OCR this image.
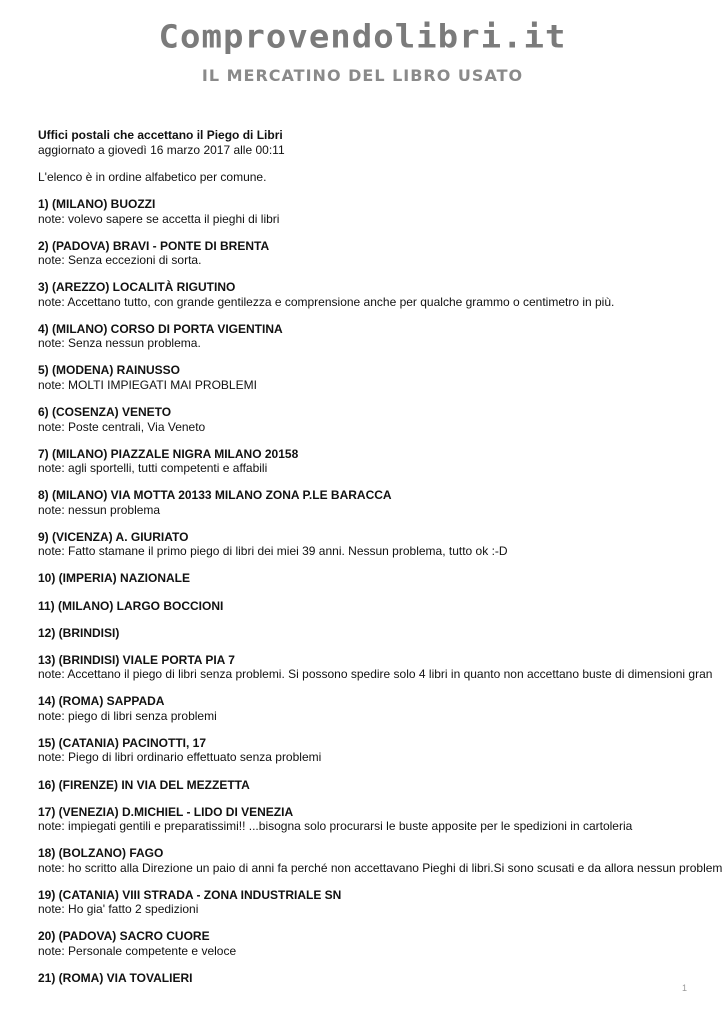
Comprovendolibri.it
IL MERCATINO DEL LIBRO USATO
Uffici postali che accettano il Piego di Libri
aggiornato a giovedì 16 marzo 2017 alle 00:11
L'elenco è in ordine alfabetico per comune.
1) (MILANO) BUOZZI
note: volevo sapere se accetta il pieghi di libri
2) (PADOVA) BRAVI - PONTE DI BRENTA
note: Senza eccezioni di sorta.
3) (AREZZO) LOCALITÀ RIGUTINO
note: Accettano tutto, con grande gentilezza e comprensione anche per qualche grammo o centimetro in più.
4) (MILANO) CORSO DI PORTA VIGENTINA
note: Senza nessun problema.
5) (MODENA) RAINUSSO
note: MOLTI IMPIEGATI MAI PROBLEMI
6) (COSENZA) VENETO
note: Poste centrali, Via Veneto
7) (MILANO) PIAZZALE NIGRA MILANO 20158
note: agli sportelli, tutti competenti e affabili
8) (MILANO) VIA MOTTA 20133 MILANO ZONA P.LE BARACCA
note: nessun problema
9) (VICENZA) A. GIURIATO
note: Fatto stamane il primo piego di libri dei miei 39 anni. Nessun problema, tutto ok :-D
10) (IMPERIA) NAZIONALE
11) (MILANO) LARGO BOCCIONI
12) (BRINDISI)
13) (BRINDISI) VIALE PORTA PIA 7
note: Accettano il piego di libri senza problemi. Si possono spedire solo 4 libri in quanto non accettano buste di dimensioni gran
14) (ROMA) SAPPADA
note: piego di libri senza problemi
15) (CATANIA) PACINOTTI, 17
note: Piego di libri ordinario effettuato senza problemi
16) (FIRENZE) IN VIA DEL MEZZETTA
17) (VENEZIA) D.MICHIEL - LIDO DI VENEZIA
note: impiegati gentili e preparatissimi!! ...bisogna solo procurarsi le buste apposite per le spedizioni in cartoleria
18) (BOLZANO) FAGO
note: ho scritto alla Direzione un paio di anni fa perché non accettavano Pieghi di libri.Si sono scusati e da allora nessun problem
19) (CATANIA) VIII STRADA - ZONA INDUSTRIALE SN
note: Ho gia' fatto 2 spedizioni
20) (PADOVA) SACRO CUORE
note: Personale competente e veloce
21) (ROMA) VIA TOVALIERI
1
